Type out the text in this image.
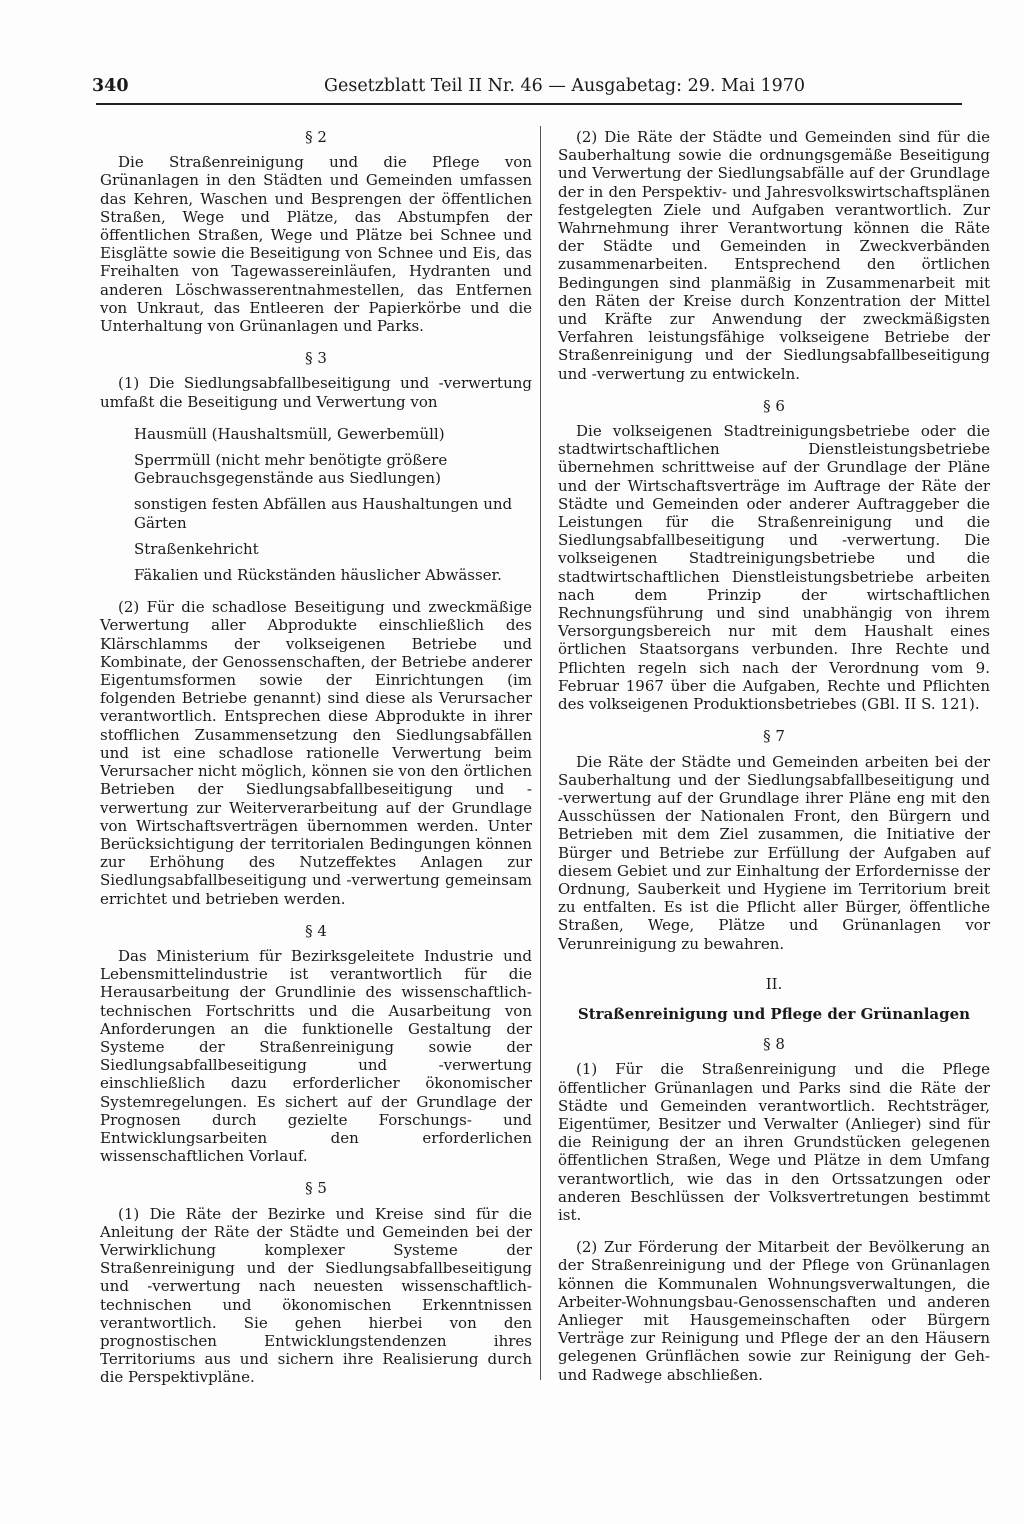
340	Gesetzblatt Teil II Nr. 46 — Ausgabetag: 29. Mai 1970
§ 2

Die Straßenreinigung und die Pflege von Grünanlagen in den Städten und Gemeinden umfassen das Kehren, Waschen und Besprengen der öffentlichen Straßen, Wege und Plätze, das Abstumpfen der öffentlichen Straßen, Wege und Plätze bei Schnee und Eisglätte sowie die Beseitigung von Schnee und Eis, das Freihalten von Tagewassereinläufen, Hydranten und anderen Löschwasserentnahmestellen, das Entfernen von Unkraut, das Entleeren der Papierkörbe und die Unterhaltung von Grünanlagen und Parks.

§ 3

(1) Die Siedlungsabfallbeseitigung und -verwertung umfaßt die Beseitigung und Verwertung von

Hausmüll (Haushaltsmüll, Gewerbemüll)
Sperrmüll (nicht mehr benötigte größere Gebrauchsgegenstände aus Siedlungen)
sonstigen festen Abfällen aus Haushaltungen und Gärten
Straßenkehricht
Fäkalien und Rückständen häuslicher Abwässer.

(2) Für die schadlose Beseitigung und zweckmäßige Verwertung aller Abprodukte einschließlich des Klärschlamms der volkseigenen Betriebe und Kombinate, der Genossenschaften, der Betriebe anderer Eigentumsformen sowie der Einrichtungen (im folgenden Betriebe genannt) sind diese als Verursacher verantwortlich. Entsprechen diese Abprodukte in ihrer stofflichen Zusammensetzung den Siedlungsabfällen und ist eine schadlose rationelle Verwertung beim Verursacher nicht möglich, können sie von den örtlichen Betrieben der Siedlungsabfallbeseitigung und -verwertung zur Weiterverarbeitung auf der Grundlage von Wirtschaftsverträgen übernommen werden. Unter Berücksichtigung der territorialen Bedingungen können zur Erhöhung des Nutzeffektes Anlagen zur Siedlungsabfallbeseitigung und -verwertung gemeinsam errichtet und betrieben werden.

§ 4

Das Ministerium für Bezirksgeleitete Industrie und Lebensmittelindustrie ist verantwortlich für die Herausarbeitung der Grundlinie des wissenschaftlich-technischen Fortschritts und die Ausarbeitung von Anforderungen an die funktionelle Gestaltung der Systeme der Straßenreinigung sowie der Siedlungsabfallbeseitigung und -verwertung einschließlich dazu erforderlicher ökonomischer Systemregelungen. Es sichert auf der Grundlage der Prognosen durch gezielte Forschungs- und Entwicklungsarbeiten den erforderlichen wissenschaftlichen Vorlauf.

§ 5

(1) Die Räte der Bezirke und Kreise sind für die Anleitung der Räte der Städte und Gemeinden bei der Verwirklichung komplexer Systeme der Straßenreinigung und der Siedlungsabfallbeseitigung und -verwertung nach neuesten wissenschaftlich-technischen und ökonomischen Erkenntnissen verantwortlich. Sie gehen hierbei von den prognostischen Entwicklungstendenzen ihres Territoriums aus und sichern ihre Realisierung durch die Perspektivpläne.

(2) Die Räte der Städte und Gemeinden sind für die Sauberhaltung sowie die ordnungsgemäße Beseitigung und Verwertung der Siedlungsabfälle auf der Grundlage der in den Perspektiv- und Jahresvolkswirtschaftsplänen festgelegten Ziele und Aufgaben verantwortlich. Zur Wahrnehmung ihrer Verantwortung können die Räte der Städte und Gemeinden in Zweckverbänden zusammenarbeiten. Entsprechend den örtlichen Bedingungen sind planmäßig in Zusammenarbeit mit den Räten der Kreise durch Konzentration der Mittel und Kräfte zur Anwendung der zweckmäßigsten Verfahren leistungsfähige volkseigene Betriebe der Straßenreinigung und der Siedlungsabfallbeseitigung und -verwertung zu entwickeln.

§ 6

Die volkseigenen Stadtreinigungsbetriebe oder die stadtwirtschaftlichen Dienstleistungsbetriebe übernehmen schrittweise auf der Grundlage der Pläne und der Wirtschaftsverträge im Auftrage der Räte der Städte und Gemeinden oder anderer Auftraggeber die Leistungen für die Straßenreinigung und die Siedlungsabfallbeseitigung und -verwertung. Die volkseigenen Stadtreinigungsbetriebe und die stadtwirtschaftlichen Dienstleistungsbetriebe arbeiten nach dem Prinzip der wirtschaftlichen Rechnungsführung und sind unabhängig von ihrem Versorgungsbereich nur mit dem Haushalt eines örtlichen Staatsorgans verbunden. Ihre Rechte und Pflichten regeln sich nach der Verordnung vom 9. Februar 1967 über die Aufgaben, Rechte und Pflichten des volkseigenen Produktionsbetriebes (GBl. II S. 121).

§ 7

Die Räte der Städte und Gemeinden arbeiten bei der Sauberhaltung und der Siedlungsabfallbeseitigung und -verwertung auf der Grundlage ihrer Pläne eng mit den Ausschüssen der Nationalen Front, den Bürgern und Betrieben mit dem Ziel zusammen, die Initiative der Bürger und Betriebe zur Erfüllung der Aufgaben auf diesem Gebiet und zur Einhaltung der Erfordernisse der Ordnung, Sauberkeit und Hygiene im Territorium breit zu entfalten. Es ist die Pflicht aller Bürger, öffentliche Straßen, Wege, Plätze und Grünanlagen vor Verunreinigung zu bewahren.

II.
Straßenreinigung und Pflege der Grünanlagen
§ 8

(1) Für die Straßenreinigung und die Pflege öffentlicher Grünanlagen und Parks sind die Räte der Städte und Gemeinden verantwortlich. Rechtsträger, Eigentümer, Besitzer und Verwalter (Anlieger) sind für die Reinigung der an ihren Grundstücken gelegenen öffentlichen Straßen, Wege und Plätze in dem Umfang verantwortlich, wie das in den Ortssatzungen oder anderen Beschlüssen der Volksvertretungen bestimmt ist.

(2) Zur Förderung der Mitarbeit der Bevölkerung an der Straßenreinigung und der Pflege von Grünanlagen können die Kommunalen Wohnungsverwaltungen, die Arbeiter-Wohnungsbau-Genossenschaften und anderen Anlieger mit Hausgemeinschaften oder Bürgern Verträge zur Reinigung und Pflege der an den Häusern gelegenen Grünflächen sowie zur Reinigung der Geh- und Radwege abschließen.
